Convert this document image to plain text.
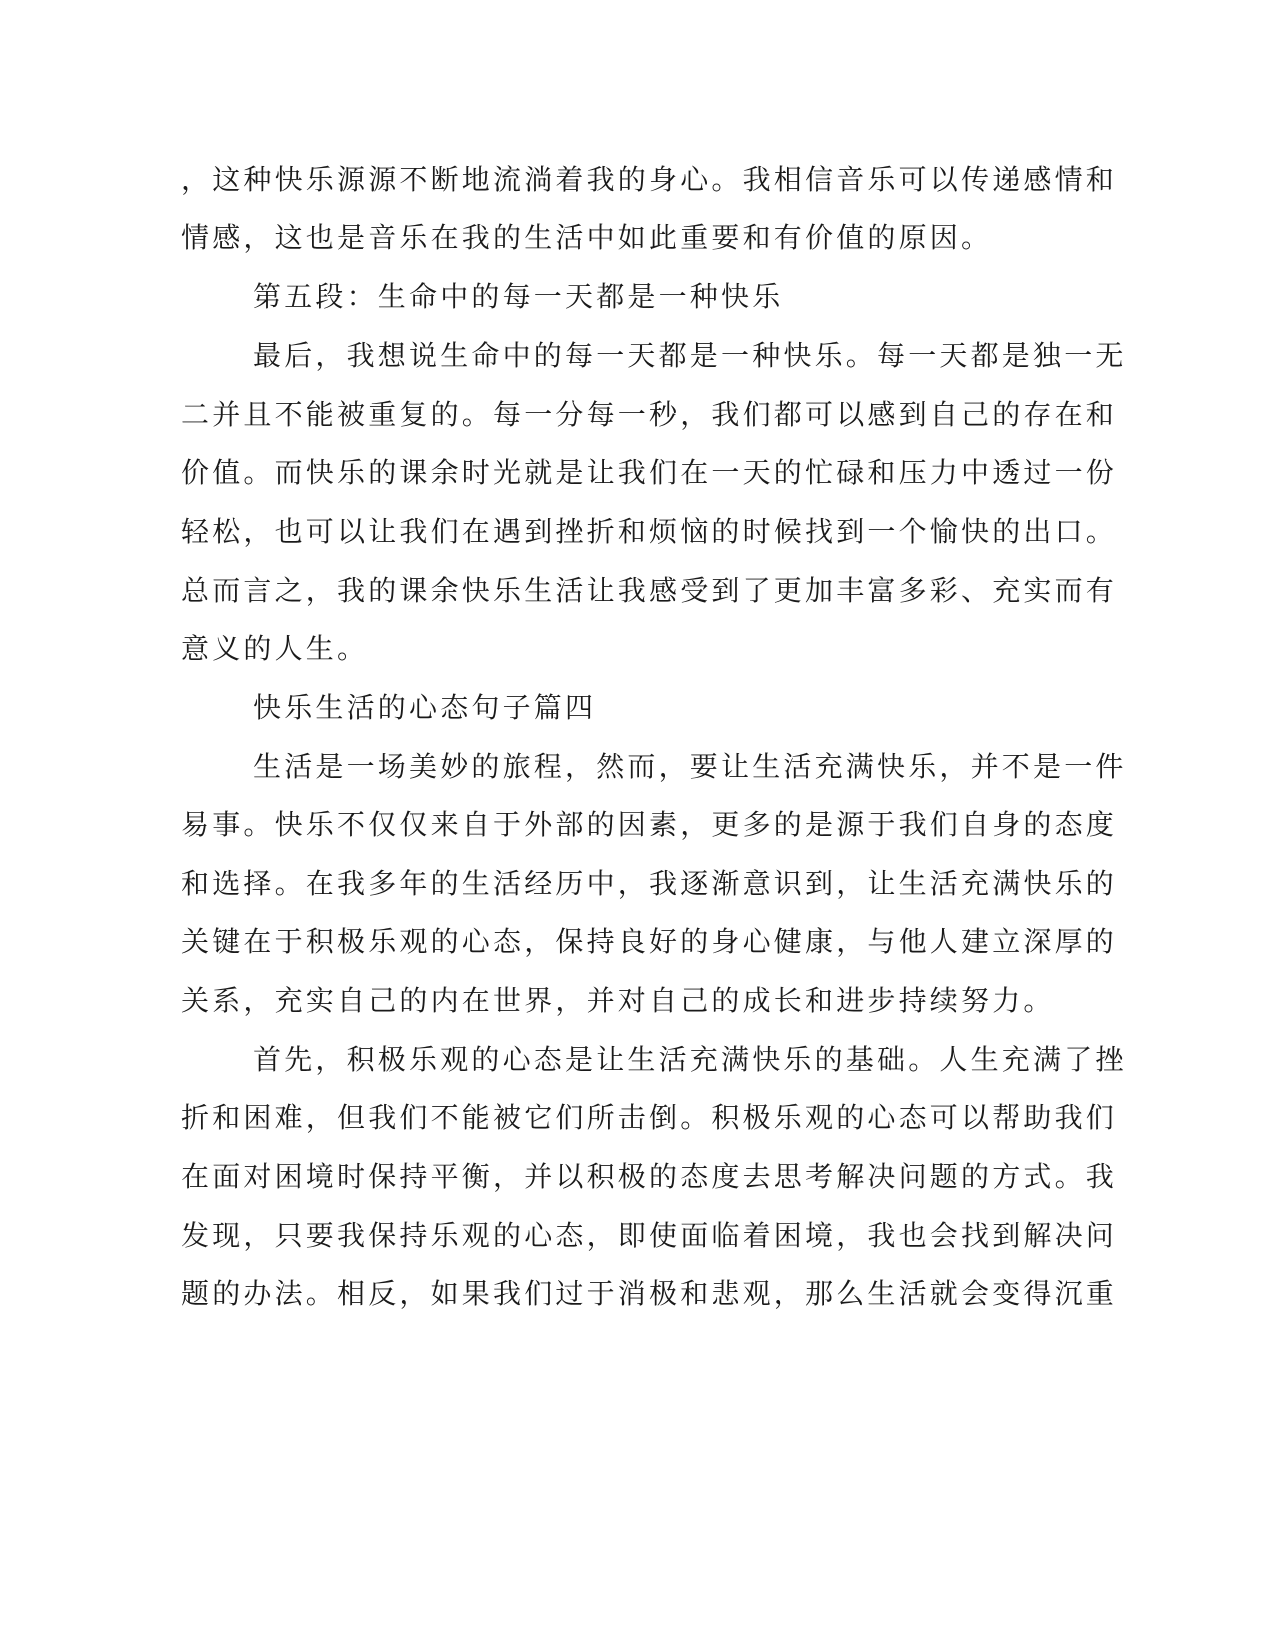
，这种快乐源源不断地流淌着我的身心。我相信音乐可以传递感情和
情感，这也是音乐在我的生活中如此重要和有价值的原因。
第五段：生命中的每一天都是一种快乐
最后，我想说生命中的每一天都是一种快乐。每一天都是独一无
二并且不能被重复的。每一分每一秒，我们都可以感到自己的存在和
价值。而快乐的课余时光就是让我们在一天的忙碌和压力中透过一份
轻松，也可以让我们在遇到挫折和烦恼的时候找到一个愉快的出口。
总而言之，我的课余快乐生活让我感受到了更加丰富多彩、充实而有
意义的人生。
快乐生活的心态句子篇四
生活是一场美妙的旅程，然而，要让生活充满快乐，并不是一件
易事。快乐不仅仅来自于外部的因素，更多的是源于我们自身的态度
和选择。在我多年的生活经历中，我逐渐意识到，让生活充满快乐的
关键在于积极乐观的心态，保持良好的身心健康，与他人建立深厚的
关系，充实自己的内在世界，并对自己的成长和进步持续努力。
首先，积极乐观的心态是让生活充满快乐的基础。人生充满了挫
折和困难，但我们不能被它们所击倒。积极乐观的心态可以帮助我们
在面对困境时保持平衡，并以积极的态度去思考解决问题的方式。我
发现，只要我保持乐观的心态，即使面临着困境，我也会找到解决问
题的办法。相反，如果我们过于消极和悲观，那么生活就会变得沉重
